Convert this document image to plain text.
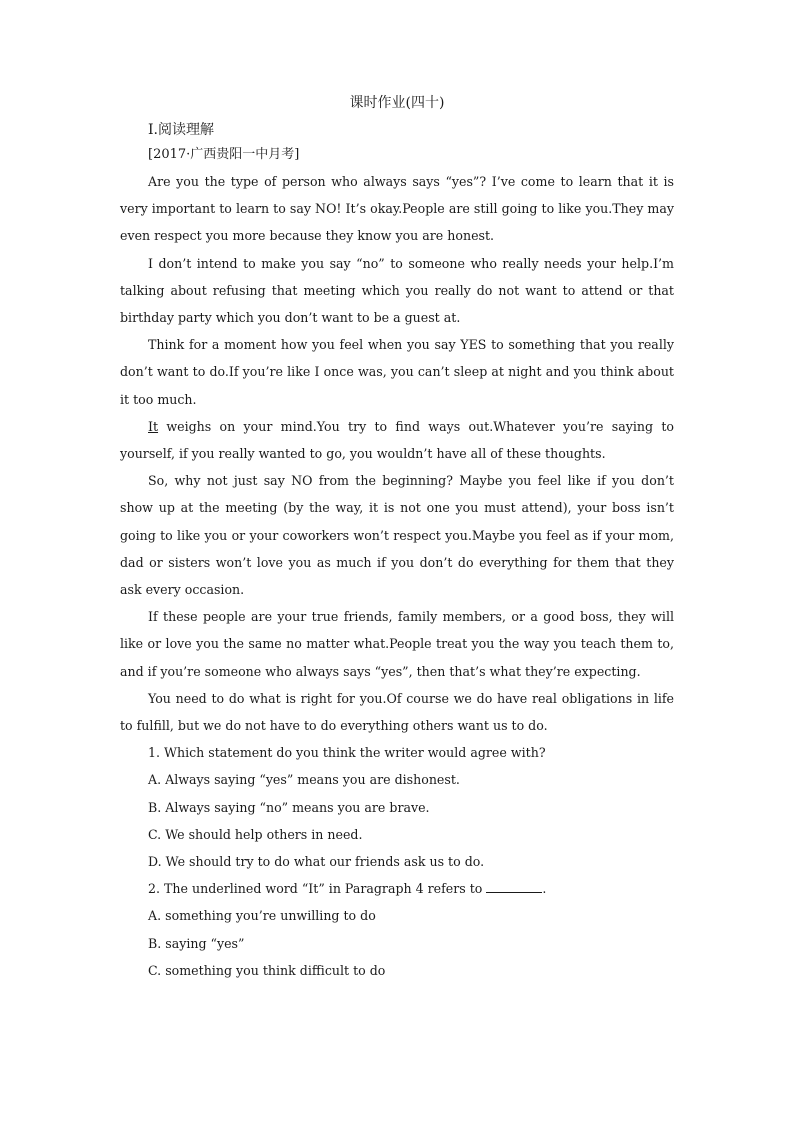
课时作业(四十)

Ⅰ.阅读理解

[2017·广西贵阳一中月考]

Are you the type of person who always says “yes”? I’ve come to learn that it is very important to learn to say NO! It’s okay.People are still going to like you.They may even respect you more because they know you are honest.

I don’t intend to make you say “no” to someone who really needs your help.I’m talking about refusing that meeting which you really do not want to attend or that birthday party which you don’t want to be a guest at.

Think for a moment how you feel when you say YES to something that you really don’t want to do.If you’re like I once was, you can’t sleep at night and you think about it too much.

It weighs on your mind.You try to find ways out.Whatever you’re saying to yourself, if you really wanted to go, you wouldn’t have all of these thoughts.

So, why not just say NO from the beginning? Maybe you feel like if you don’t show up at the meeting (by the way, it is not one you must attend), your boss isn’t going to like you or your coworkers won’t respect you.Maybe you feel as if your mom, dad or sisters won’t love you as much if you don’t do everything for them that they ask every occasion.

If these people are your true friends, family members, or a good boss, they will like or love you the same no matter what.People treat you the way you teach them to, and if you’re someone who always says “yes”, then that’s what they’re expecting.

You need to do what is right for you.Of course we do have real obligations in life to fulfill, but we do not have to do everything others want us to do.

1. Which statement do you think the writer would agree with?

A. Always saying “yes” means you are dishonest.

B. Always saying “no” means you are brave.

C. We should help others in need.

D. We should try to do what our friends ask us to do.

2. The underlined word “It” in Paragraph 4 refers to	.

A. something you’re unwilling to do

B. saying “yes”

C. something you think difficult to do
